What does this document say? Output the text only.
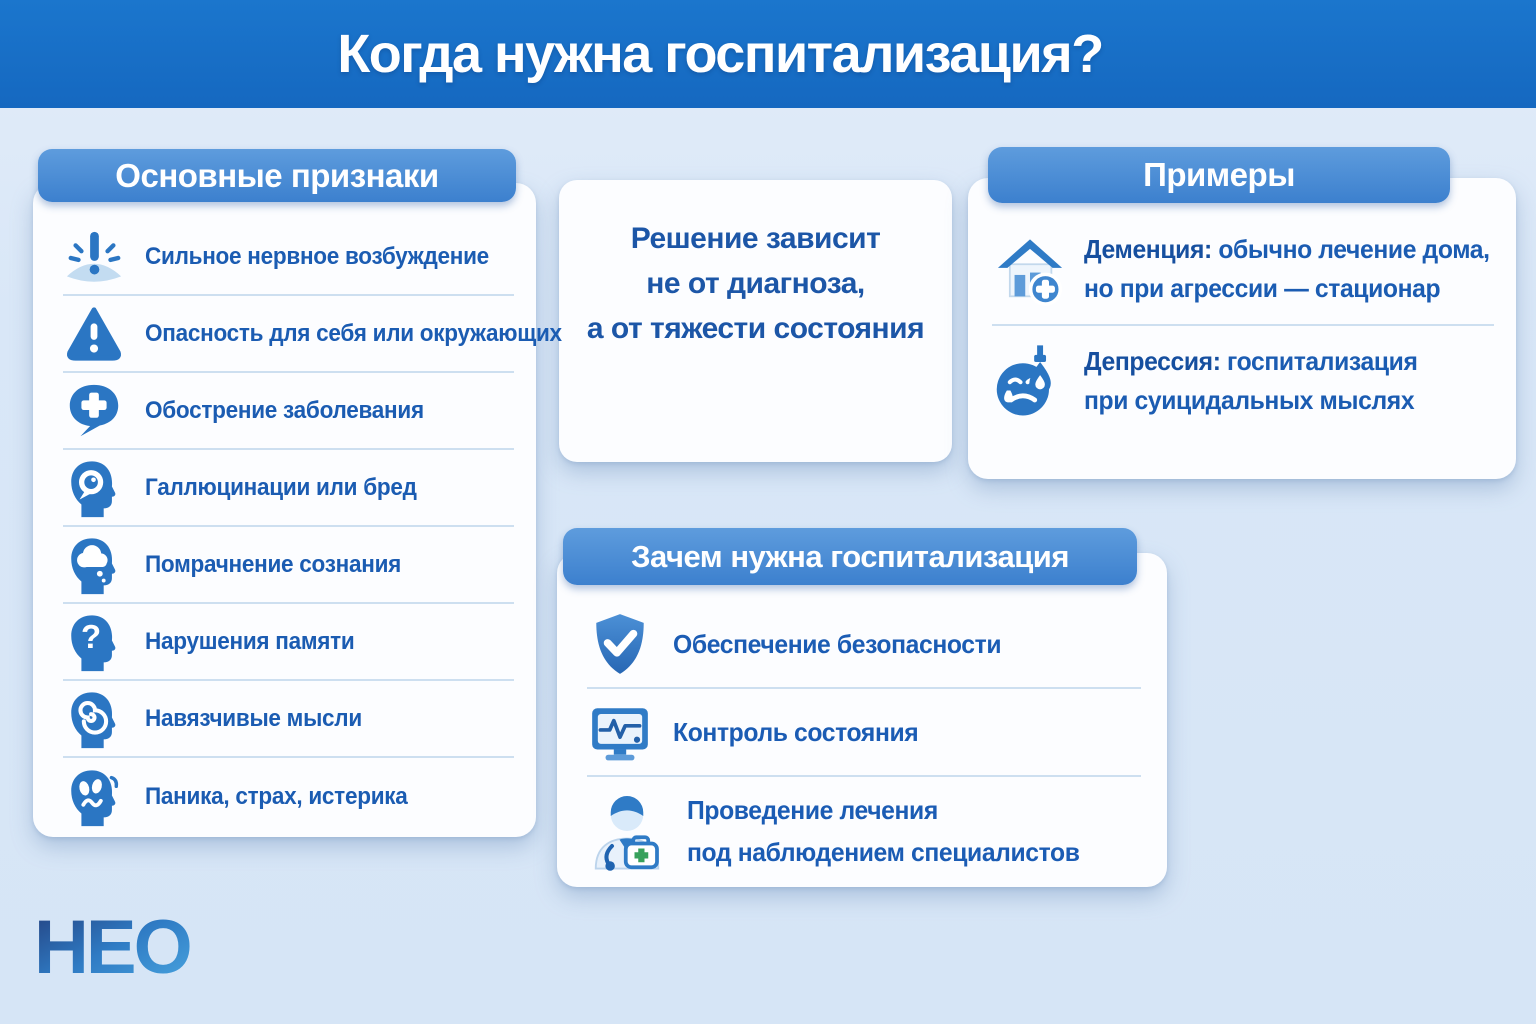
Когда нужна госпитализация?
Основные признаки
Сильное нервное возбуждение
Опасность для себя или окружающих
Обострение заболевания
Галлюцинации или бред
Помрачнение сознания
Нарушения памяти
Навязчивые мысли
Паника, страх, истерика
Решение зависит
не от диагноза,
а от тяжести состояния
Примеры
Деменция: обычно лечение дома,
но при агрессии — стационар
Депрессия: госпитализация
при суицидальных мыслях
Зачем нужна госпитализация
Обеспечение безопасности
Контроль состояния
Проведение лечения
под наблюдением специалистов
НЕО
